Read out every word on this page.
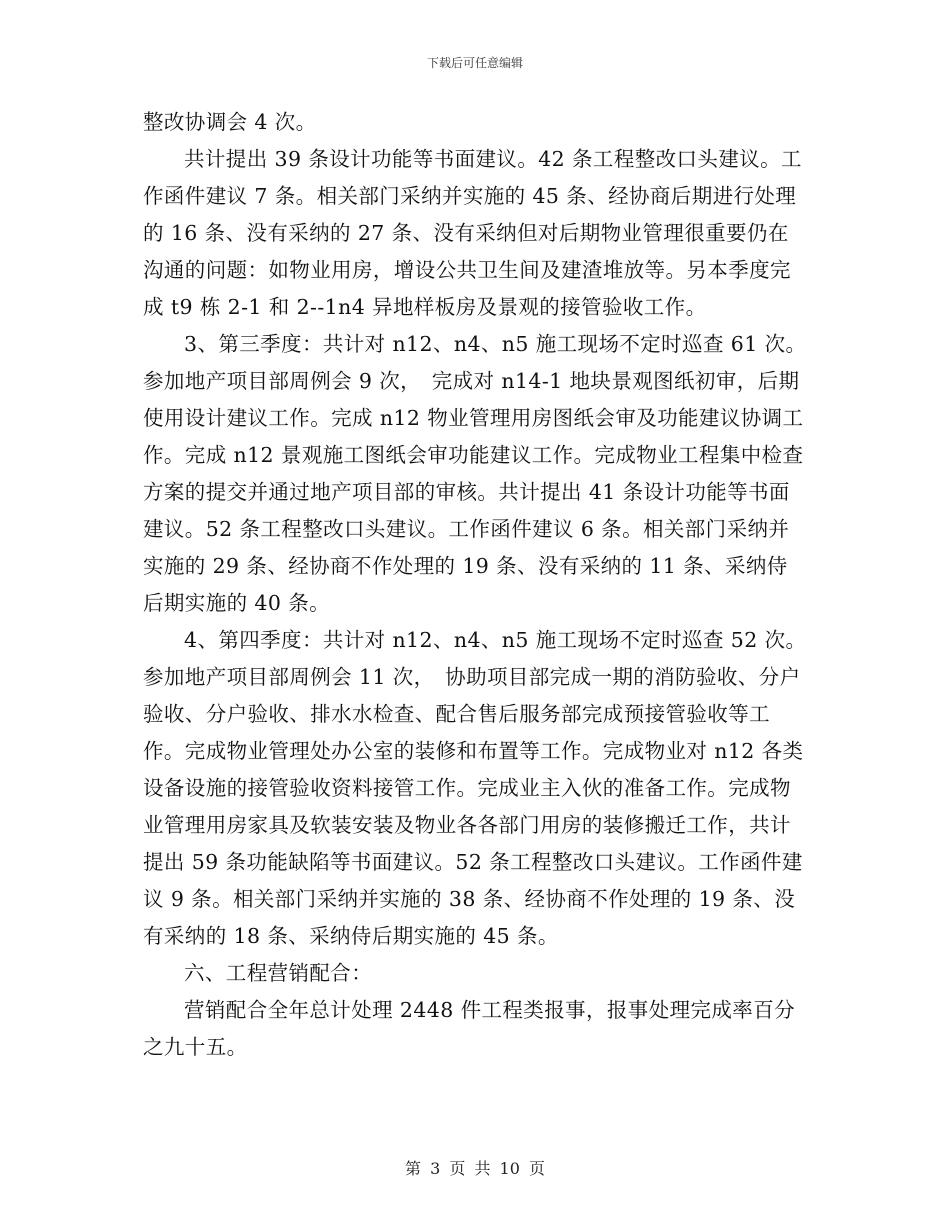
下载后可任意编辑

整改协调会 4 次。

共计提出 39 条设计功能等书面建议。42 条工程整改口头建议。工作函件建议 7 条。相关部门采纳并实施的 45 条、经协商后期进行处理的 16 条、没有采纳的 27 条、没有采纳但对后期物业管理很重要仍在沟通的问题：如物业用房，增设公共卫生间及建渣堆放等。另本季度完成 t9 栋 2-1 和 2--1n4 异地样板房及景观的接管验收工作。

3、第三季度：共计对 n12、n4、n5 施工现场不定时巡查 61 次。参加地产项目部周例会 9 次，　完成对 n14-1 地块景观图纸初审，后期使用设计建议工作。完成 n12 物业管理用房图纸会审及功能建议协调工作。完成 n12 景观施工图纸会审功能建议工作。完成物业工程集中检查方案的提交并通过地产项目部的审核。共计提出 41 条设计功能等书面建议。52 条工程整改口头建议。工作函件建议 6 条。相关部门采纳并实施的 29 条、经协商不作处理的 19 条、没有采纳的 11 条、采纳侍后期实施的 40 条。

4、第四季度：共计对 n12、n4、n5 施工现场不定时巡查 52 次。参加地产项目部周例会 11 次，　协助项目部完成一期的消防验收、分户验收、分户验收、排水水检查、配合售后服务部完成预接管验收等工作。完成物业管理处办公室的装修和布置等工作。完成物业对 n12 各类设备设施的接管验收资料接管工作。完成业主入伙的准备工作。完成物业管理用房家具及软装安装及物业各各部门用房的装修搬迁工作，共计提出 59 条功能缺陷等书面建议。52 条工程整改口头建议。工作函件建议 9 条。相关部门采纳并实施的 38 条、经协商不作处理的 19 条、没有采纳的 18 条、采纳侍后期实施的 45 条。

六、工程营销配合：

营销配合全年总计处理 2448 件工程类报事，报事处理完成率百分之九十五。

第 3 页 共 10 页
